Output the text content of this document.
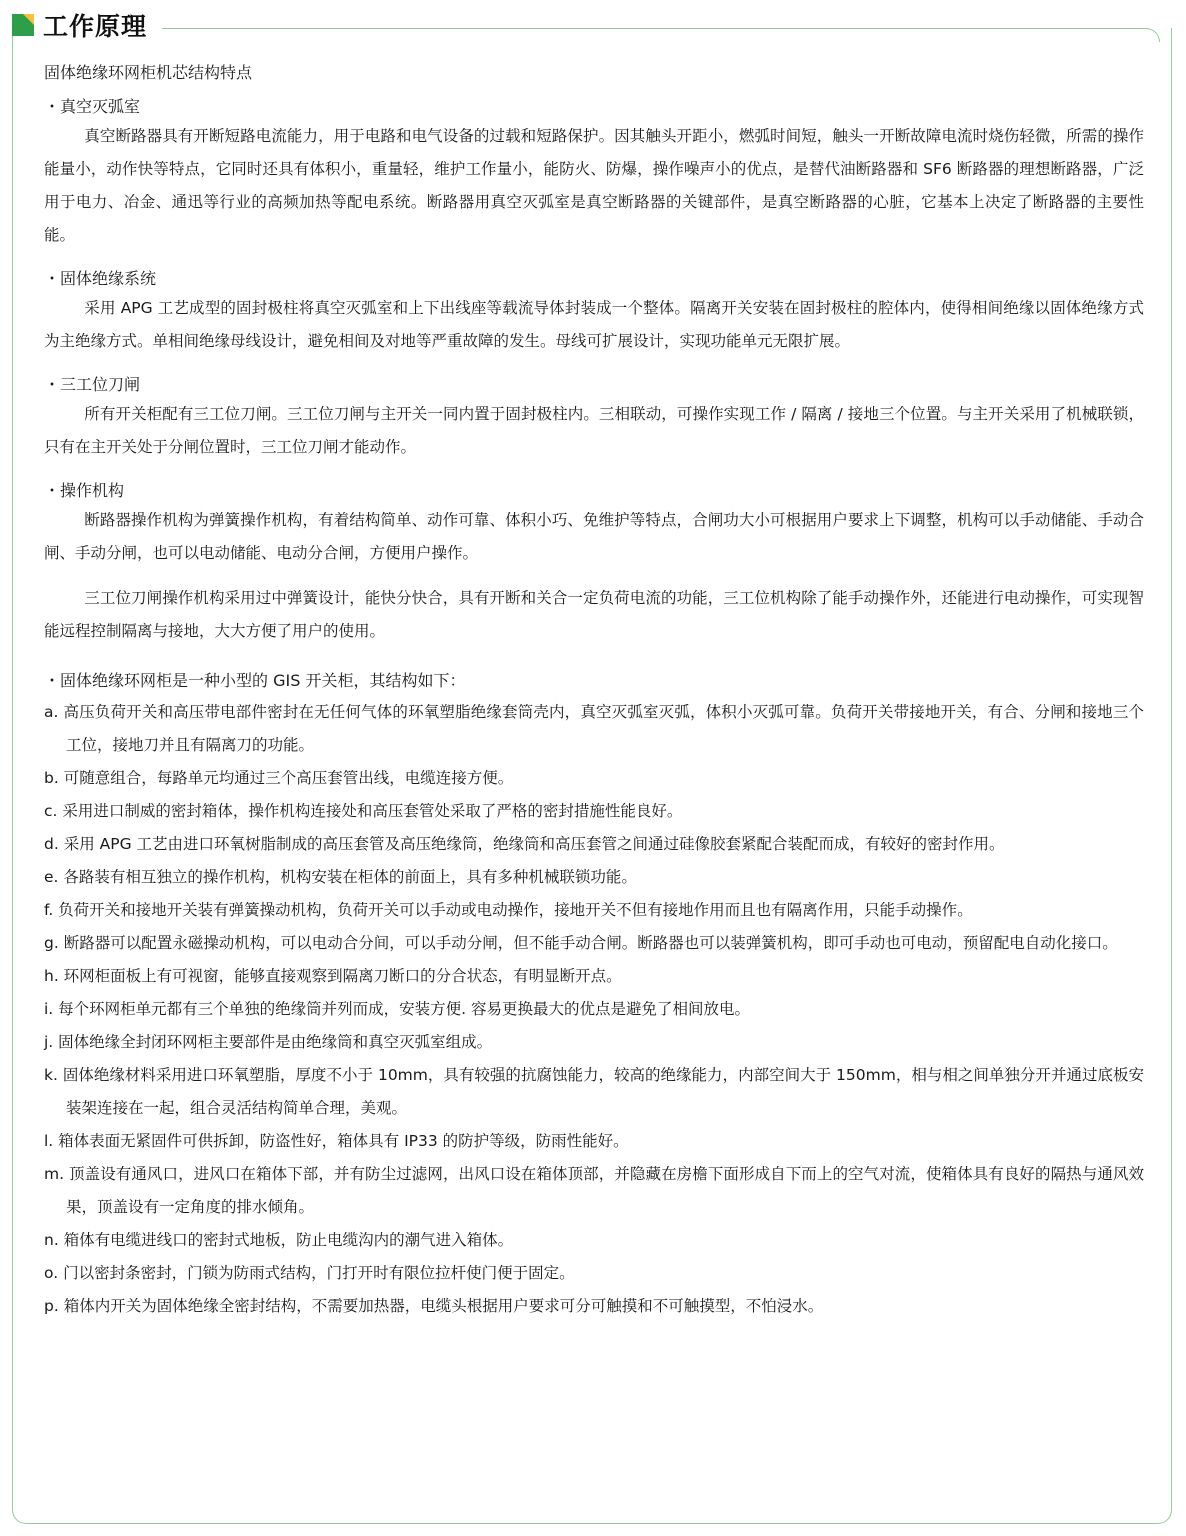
工作原理

固体绝缘环网柜机芯结构特点

・真空灭弧室

真空断路器具有开断短路电流能力，用于电路和电气设备的过载和短路保护。因其触头开距小，燃弧时间短，触头一开断故障电流时烧伤轻微，所需的操作能量小，动作快等特点，它同时还具有体积小，重量轻，维护工作量小，能防火、防爆，操作噪声小的优点，是替代油断路器和 SF6 断路器的理想断路器，广泛用于电力、冶金、通迅等行业的高频加热等配电系统。断路器用真空灭弧室是真空断路器的关键部件，是真空断路器的心脏，它基本上决定了断路器的主要性能。

・固体绝缘系统

采用 APG 工艺成型的固封极柱将真空灭弧室和上下出线座等载流导体封装成一个整体。隔离开关安装在固封极柱的腔体内，使得相间绝缘以固体绝缘方式为主绝缘方式。单相间绝缘母线设计，避免相间及对地等严重故障的发生。母线可扩展设计，实现功能单元无限扩展。

・三工位刀闸

所有开关柜配有三工位刀闸。三工位刀闸与主开关一同内置于固封极柱内。三相联动，可操作实现工作 / 隔离 / 接地三个位置。与主开关采用了机械联锁，只有在主开关处于分闸位置时，三工位刀闸才能动作。

・操作机构

断路器操作机构为弹簧操作机构，有着结构简单、动作可靠、体积小巧、免维护等特点，合闸功大小可根据用户要求上下调整，机构可以手动储能、手动合闸、手动分闸，也可以电动储能、电动分合闸，方便用户操作。

三工位刀闸操作机构采用过中弹簧设计，能快分快合，具有开断和关合一定负荷电流的功能，三工位机构除了能手动操作外，还能进行电动操作，可实现智能远程控制隔离与接地，大大方便了用户的使用。

・固体绝缘环网柜是一种小型的 GIS 开关柜，其结构如下：

a. 高压负荷开关和高压带电部件密封在无任何气体的环氧塑脂绝缘套筒壳内，真空灭弧室灭弧，体积小灭弧可靠。负荷开关带接地开关，有合、分闸和接地三个工位，接地刀并且有隔离刀的功能。
b. 可随意组合，每路单元均通过三个高压套管出线，电缆连接方便。
c. 采用进口制威的密封箱体，操作机构连接处和高压套管处采取了严格的密封措施性能良好。
d. 采用 APG 工艺由进口环氧树脂制成的高压套管及高压绝缘筒，绝缘筒和高压套管之间通过硅像胶套紧配合装配而成，有较好的密封作用。
e. 各路装有相互独立的操作机构，机构安装在柜体的前面上，具有多种机械联锁功能。
f. 负荷开关和接地开关装有弹簧操动机构，负荷开关可以手动或电动操作，接地开关不但有接地作用而且也有隔离作用，只能手动操作。
g. 断路器可以配置永磁操动机构，可以电动合分间，可以手动分闸，但不能手动合闸。断路器也可以装弹簧机构，即可手动也可电动，预留配电自动化接口。
h. 环网柜面板上有可视窗，能够直接观察到隔离刀断口的分合状态，有明显断开点。
i. 每个环网柜单元都有三个单独的绝缘筒并列而成，安装方便. 容易更换最大的优点是避免了相间放电。
j. 固体绝缘全封闭环网柜主要部件是由绝缘筒和真空灭弧室组成。
k. 固体绝缘材料采用进口环氧塑脂，厚度不小于 10mm，具有较强的抗腐蚀能力，较高的绝缘能力，内部空间大于 150mm，相与相之间单独分开并通过底板安装架连接在一起，组合灵活结构简单合理，美观。
l. 箱体表面无紧固件可供拆卸，防盗性好，箱体具有 IP33 的防护等级，防雨性能好。
m. 顶盖设有通风口，进风口在箱体下部，并有防尘过滤网，出风口设在箱体顶部，并隐藏在房檐下面形成自下而上的空气对流，使箱体具有良好的隔热与通风效果，顶盖设有一定角度的排水倾角。
n. 箱体有电缆进线口的密封式地板，防止电缆沟内的潮气进入箱体。
o. 门以密封条密封，门锁为防雨式结构，门打开时有限位拉杆使门便于固定。
p. 箱体内开关为固体绝缘全密封结构，不需要加热器，电缆头根据用户要求可分可触摸和不可触摸型，不怕浸水。
